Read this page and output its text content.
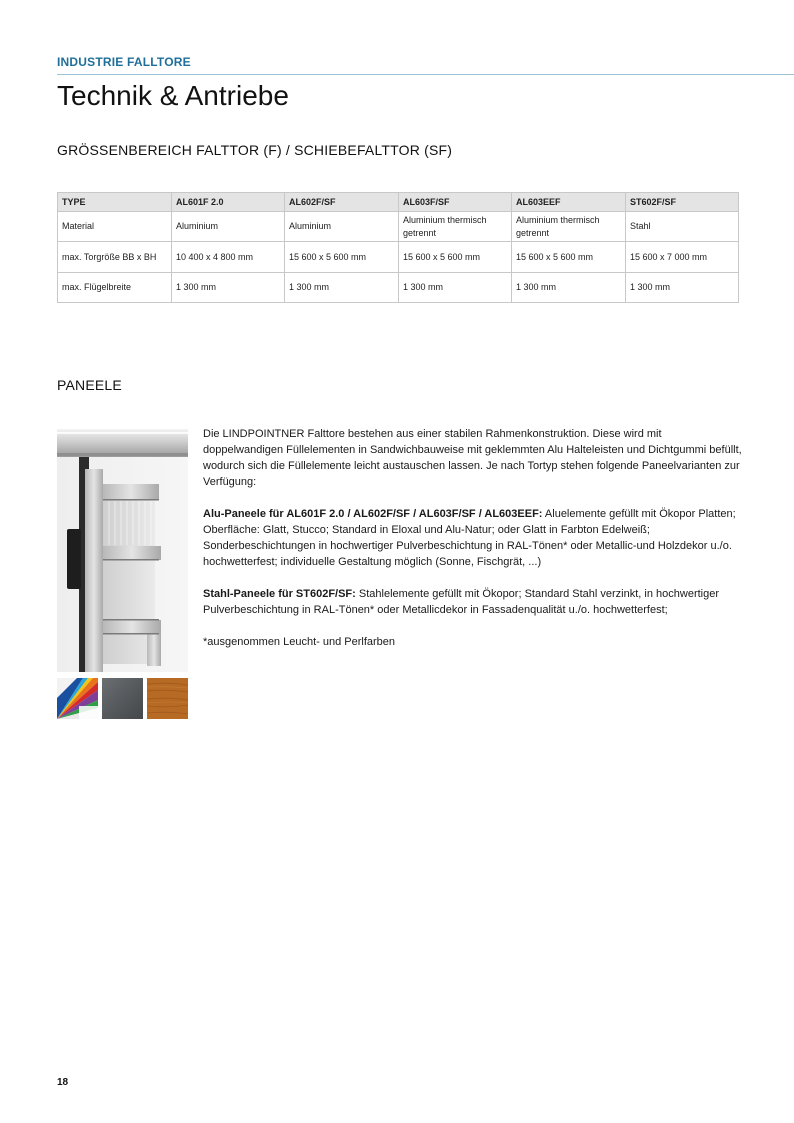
INDUSTRIE FALLTORE
Technik & Antriebe
GRÖSSENBEREICH FALTTOR (F) / SCHIEBEFALTTOR (SF)
TYPE	AL601F 2.0	AL602F/SF	AL603F/SF	AL603EEF	ST602F/SF
Material	Aluminium	Aluminium	Aluminium thermisch getrennt	Aluminium thermisch getrennt	Stahl
max. Torgröße BB x BH	10 400 x 4 800 mm	15 600 x 5 600 mm	15 600 x 5 600 mm	15 600 x 5 600 mm	15 600 x 7 000 mm
max. Flügelbreite	1 300 mm	1 300 mm	1 300 mm	1 300 mm	1 300 mm
PANEELE

Die LINDPOINTNER Falttore bestehen aus einer stabilen Rahmenkonstruktion. Diese wird mit doppelwandigen Füllelementen in Sandwichbauweise mit geklemmten Alu Halteleisten und Dichtgummi befüllt, wodurch sich die Füllelemente leicht austauschen lassen. Je nach Tortyp stehen folgende Paneelvarianten zur Verfügung:

Alu-Paneele für AL601F 2.0 / AL602F/SF / AL603F/SF / AL603EEF: Aluelemente gefüllt mit Ökopor Platten; Oberfläche: Glatt, Stucco; Standard in Eloxal und Alu-Natur; oder Glatt in Farbton Edelweiß; Sonderbeschichtungen in hochwertiger Pulverbeschichtung in RAL-Tönen* oder Metallic-und Holzdekor u./o. hochwetterfest; individuelle Gestaltung möglich (Sonne, Fischgrät, ...)

Stahl-Paneele für ST602F/SF: Stahlelemente gefüllt mit Ökopor; Standard Stahl verzinkt, in hochwertiger Pulverbeschichtung in RAL-Tönen* oder Metallicdekor in Fassadenqualität u./o. hochwetterfest;

*ausgenommen Leucht- und Perlfarben

18
